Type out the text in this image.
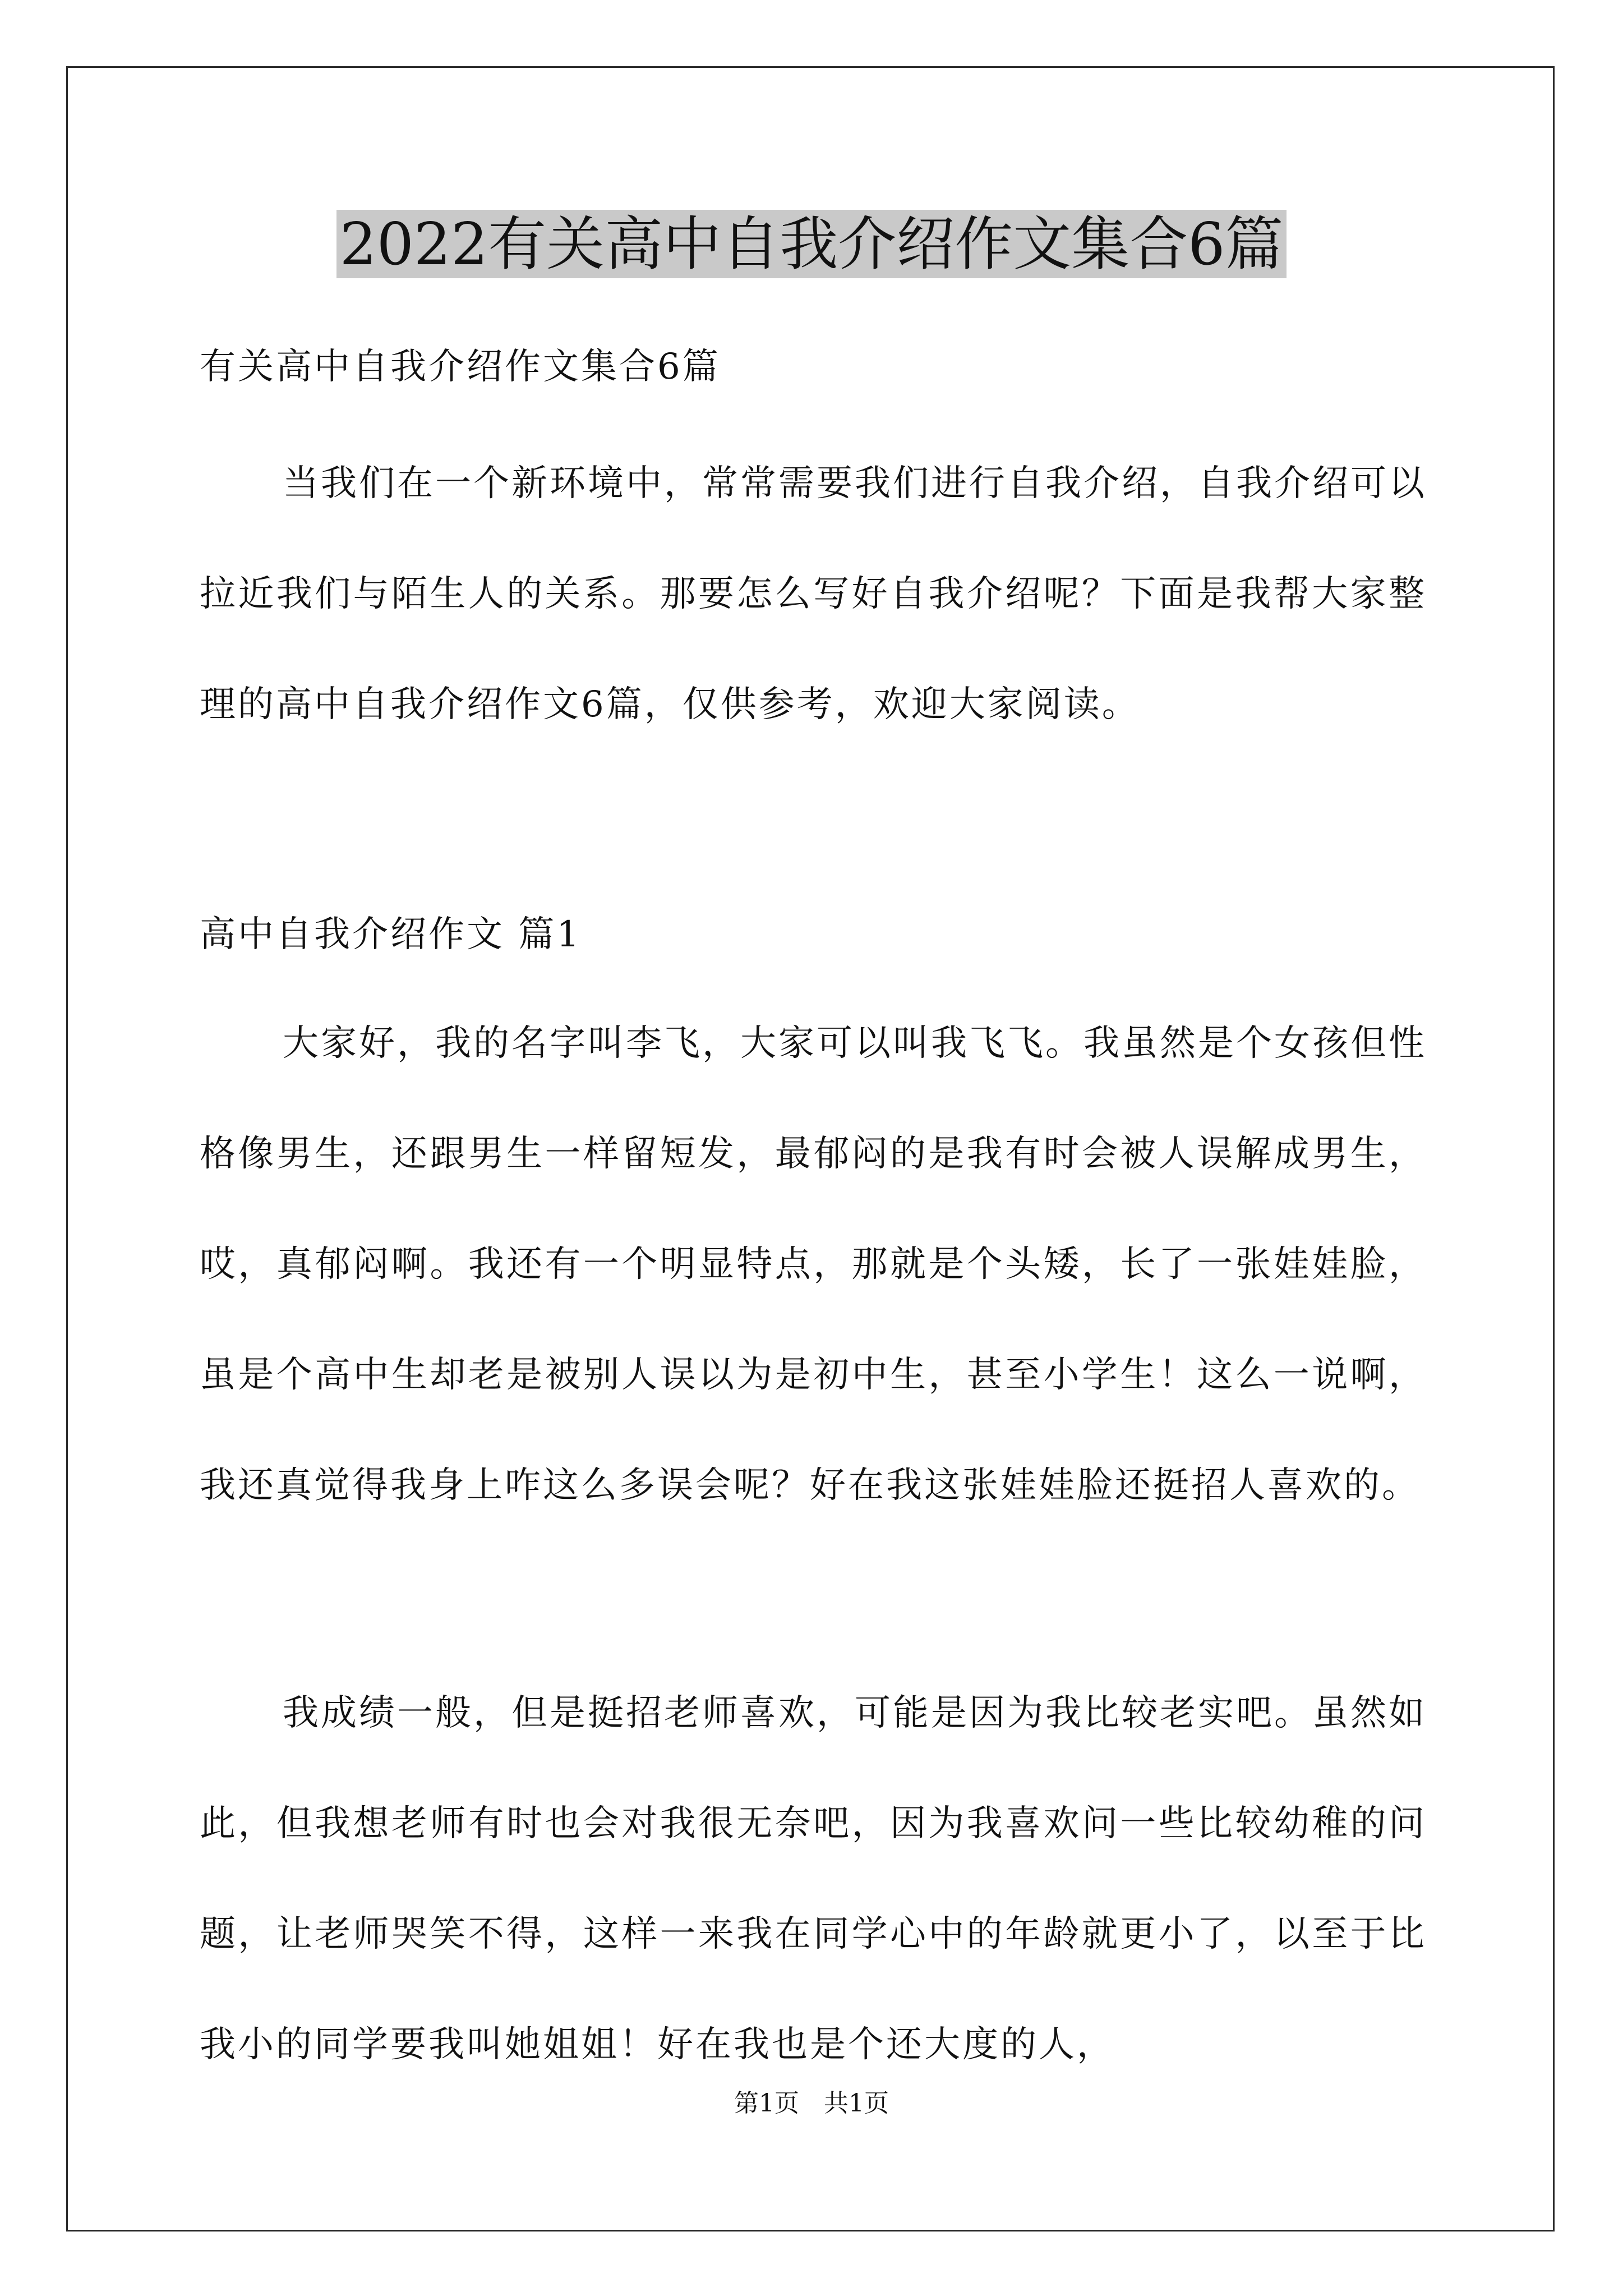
2022有关高中自我介绍作文集合6篇

有关高中自我介绍作文集合6篇

当我们在一个新环境中，常常需要我们进行自我介绍，自我介绍可以拉近我们与陌生人的关系。那要怎么写好自我介绍呢？下面是我帮大家整理的高中自我介绍作文6篇，仅供参考，欢迎大家阅读。

高中自我介绍作文 篇1

大家好，我的名字叫李飞，大家可以叫我飞飞。我虽然是个女孩但性格像男生，还跟男生一样留短发，最郁闷的是我有时会被人误解成男生，哎，真郁闷啊。我还有一个明显特点，那就是个头矮，长了一张娃娃脸，虽是个高中生却老是被别人误以为是初中生，甚至小学生！这么一说啊，我还真觉得我身上咋这么多误会呢？好在我这张娃娃脸还挺招人喜欢的。

我成绩一般，但是挺招老师喜欢，可能是因为我比较老实吧。虽然如此，但我想老师有时也会对我很无奈吧，因为我喜欢问一些比较幼稚的问题，让老师哭笑不得，这样一来我在同学心中的年龄就更小了，以至于比我小的同学要我叫她姐姐！好在我也是个还大度的人，

第1页　共1页
